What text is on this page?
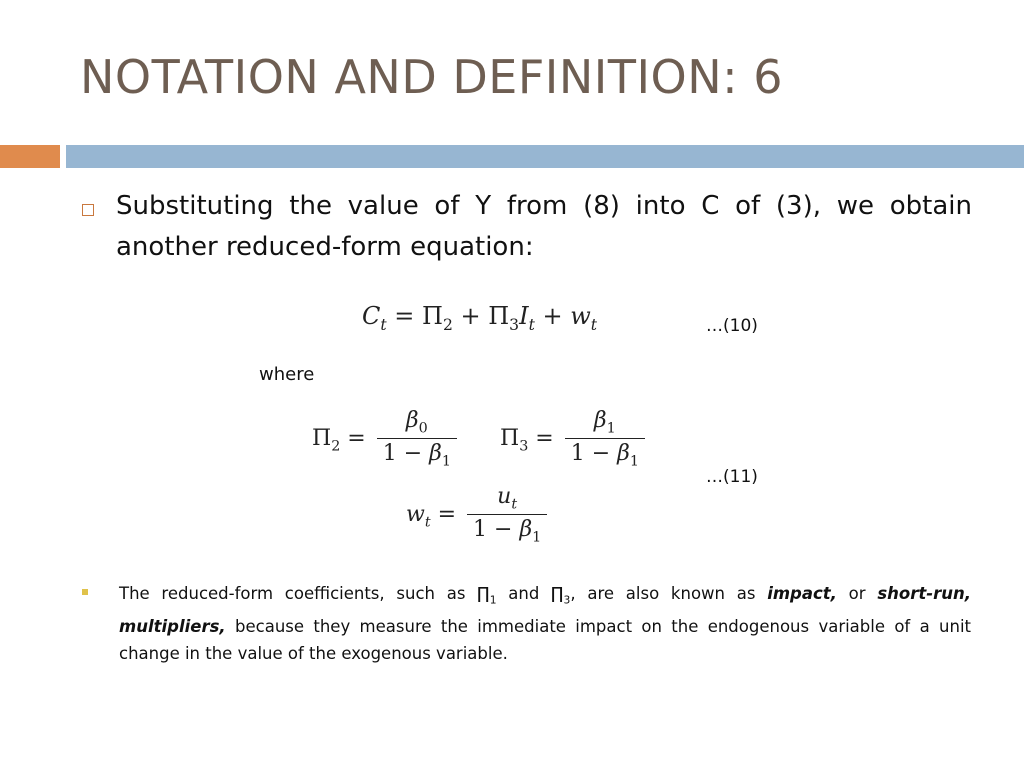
NOTATION AND DEFINITION: 6
Substituting the value of Y from (8) into C of (3), we obtain another reduced-form equation:
$C_t = \Pi_2 + \Pi_3I_t + w_t$	…(10)
where
$\Pi_2 = \frac{\beta_0}{1 - \beta_1} \Pi_3 = \frac{\beta_1}{1 - \beta_1}$
$w_t = \frac{u_t}{1 - \beta_1}$
…(11)
The reduced-form coefficients, such as $\prod_1$ and $\prod_3$, are also known as impact, or short-run, multipliers, because they measure the immediate impact on the endogenous variable of a unit change in the value of the exogenous variable.
